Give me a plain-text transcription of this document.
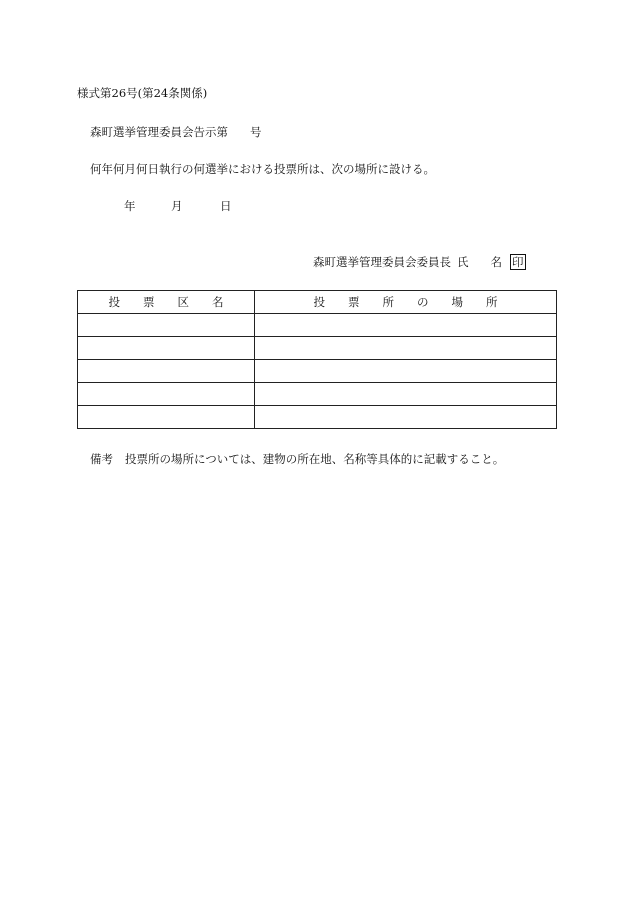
様式第26号(第24条関係)
森町選挙管理委員会告示第 号
何年何月何日執行の何選挙における投票所は、次の場所に設ける。
年	月	日
森町選挙管理委員会委員長 氏 名 印
投　　票　　区　　名	投　　票　　所　　の　　場　　所

備考 投票所の場所については、建物の所在地、名称等具体的に記載すること。
